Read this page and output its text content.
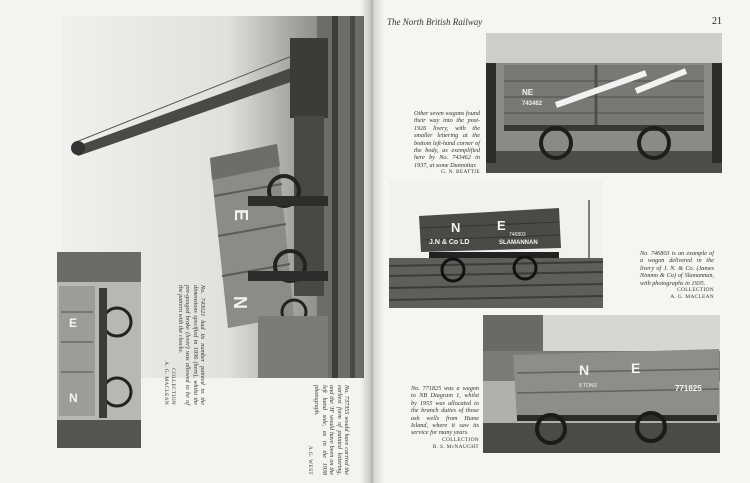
E
N
E
N	No. 743021 had its number painted to the dimensions specified in 1936 (here), whilst the pre-gouged brake (lever) was allowed to be of the pattern with the chocks.
COLLECTION
A. G. MACLEAN
No. 737355 would have carried the earliest form of painted lettering, and the 'H' would have been on the left hand side, as in the 1938 photograph.
A.G. WEST
The North British Railway	21
NE
743462
Other seven wagons found their way into the post-1926 livery, with the smaller lettering at the bottom left-hand corner of the body, as exemplified here by No. 743462 in 1937, at some Dunnottar.
G. N. BEATTIE
N	E
746803
J.N & Co LD	SLAMANNAN
No. 746803 is an example of a wagon delivered in the livery of J. N. & Co. (James Nimmo & Co) of Slamannan, with photographs in 1935.
COLLECTION
A. G. MACLEAN
N	E
8 TONS	771825
No. 771825 was a wagon to NB Diagram 1, whilst by 1955 was allocated to the branch duties of those ash wells from Hume Island, where it saw its service for many years.
COLLECTION
R. S. McNAUGHT
